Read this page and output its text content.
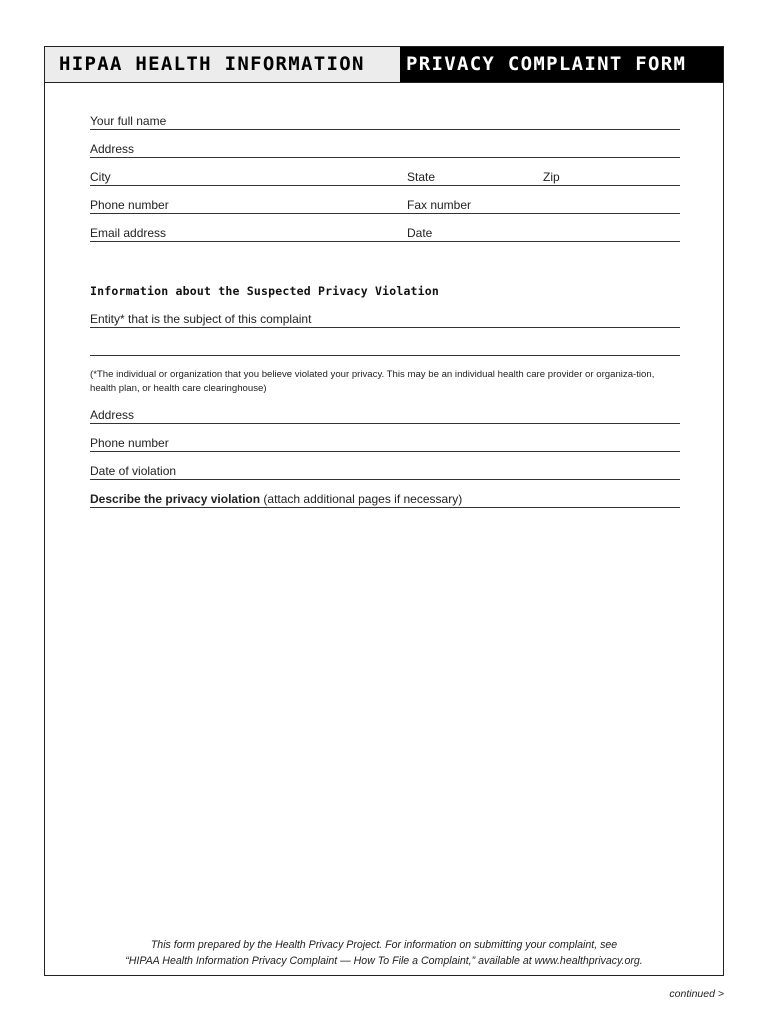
HIPAA HEALTH INFORMATION	PRIVACY COMPLAINT FORM
Your full name
Address
City	State	Zip
Phone number	Fax number
Email address	Date
Information about the Suspected Privacy Violation
Entity* that is the subject of this complaint
(*The individual or organization that you believe violated your privacy. This may be an individual health care provider or organiza-tion, health plan, or health care clearinghouse)
Address
Phone number
Date of violation
Describe the privacy violation (attach additional pages if necessary)
This form prepared by the Health Privacy Project. For information on submitting your complaint, see
“HIPAA Health Information Privacy Complaint — How To File a Complaint,” available at www.healthprivacy.org.
continued >
